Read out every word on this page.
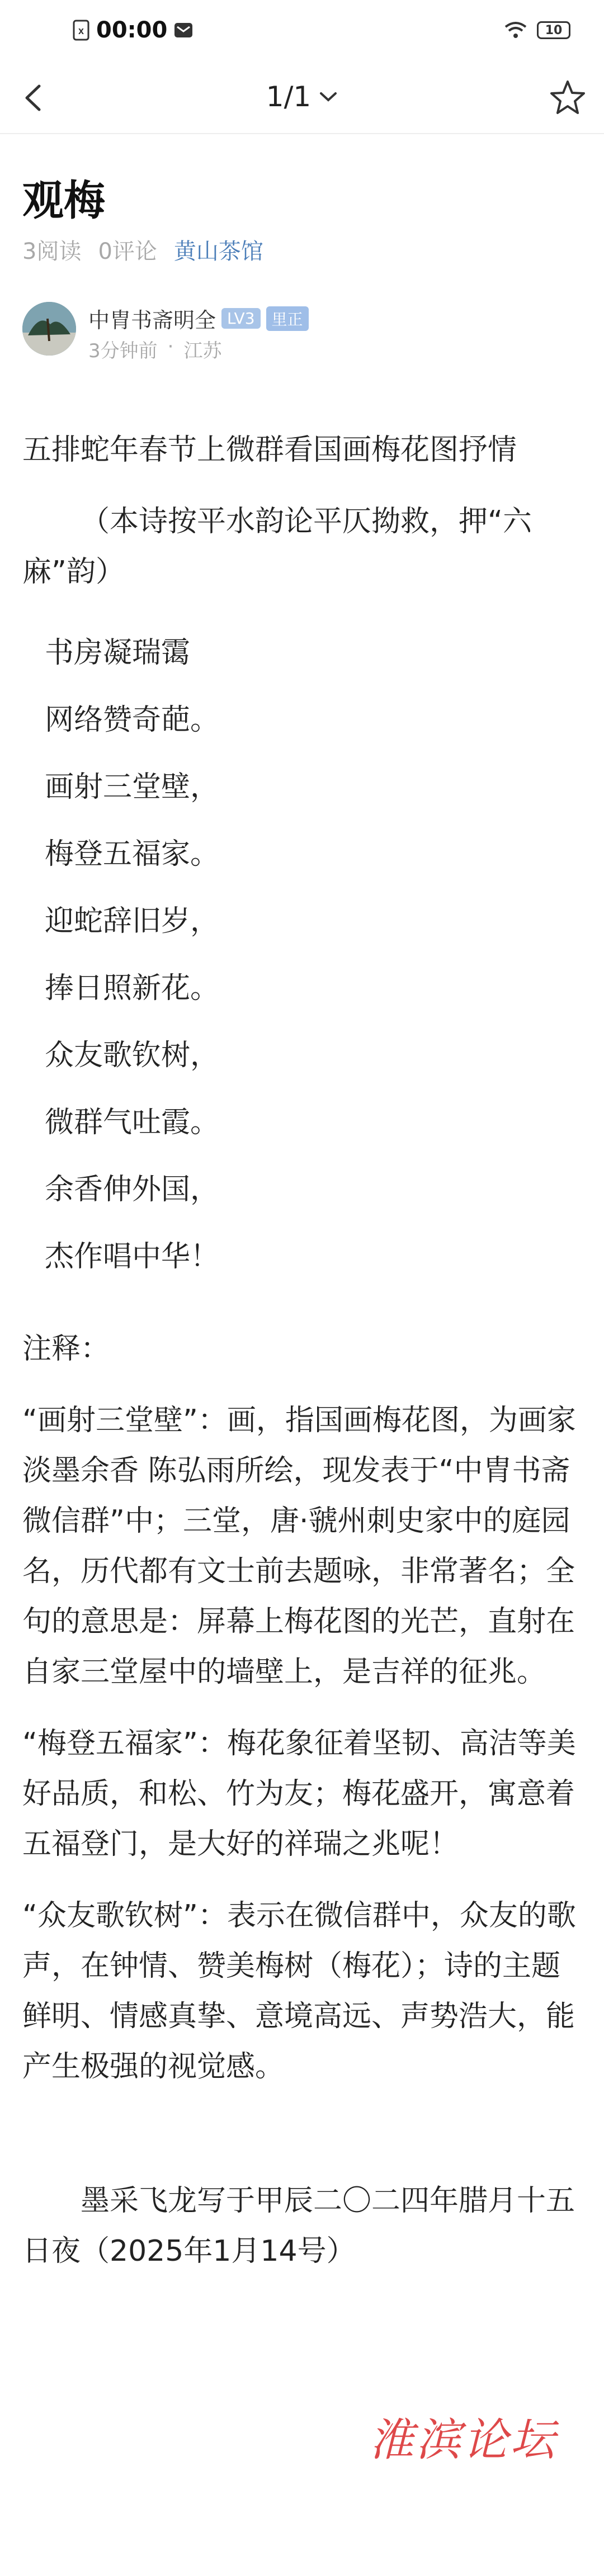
x 00:00	10
1/1
观梅
3阅读 0评论 黄山茶馆
中胄书斋明全 LV3	里正
3分钟前 · 江苏

五排蛇年春节上微群看国画梅花图抒情

（本诗按平水韵论平仄拗救，押“六麻”韵）

书房凝瑞霭
网络赞奇葩。
画射三堂壁，
梅登五福家。
迎蛇辞旧岁，
捧日照新花。
众友歌钦树，
微群气吐霞。
余香伸外国，
杰作唱中华！

注释：

“画射三堂壁”：画，指国画梅花图，为画家淡墨余香 陈弘雨所绘，现发表于“中胄书斋微信群”中；三堂，唐·虢州刺史家中的庭园名，历代都有文士前去题咏，非常著名；全句的意思是：屏幕上梅花图的光芒，直射在自家三堂屋中的墙壁上，是吉祥的征兆。

“梅登五福家”：梅花象征着坚韧、高洁等美好品质，和松、竹为友；梅花盛开，寓意着五福登门，是大好的祥瑞之兆呢！

“众友歌钦树”：表示在微信群中，众友的歌声，在钟情、赞美梅树（梅花）；诗的主题鲜明、情感真挚、意境高远、声势浩大，能产生极强的视觉感。

墨采飞龙写于甲辰二〇二四年腊月十五日夜（2025年1月14号）

淮滨论坛
